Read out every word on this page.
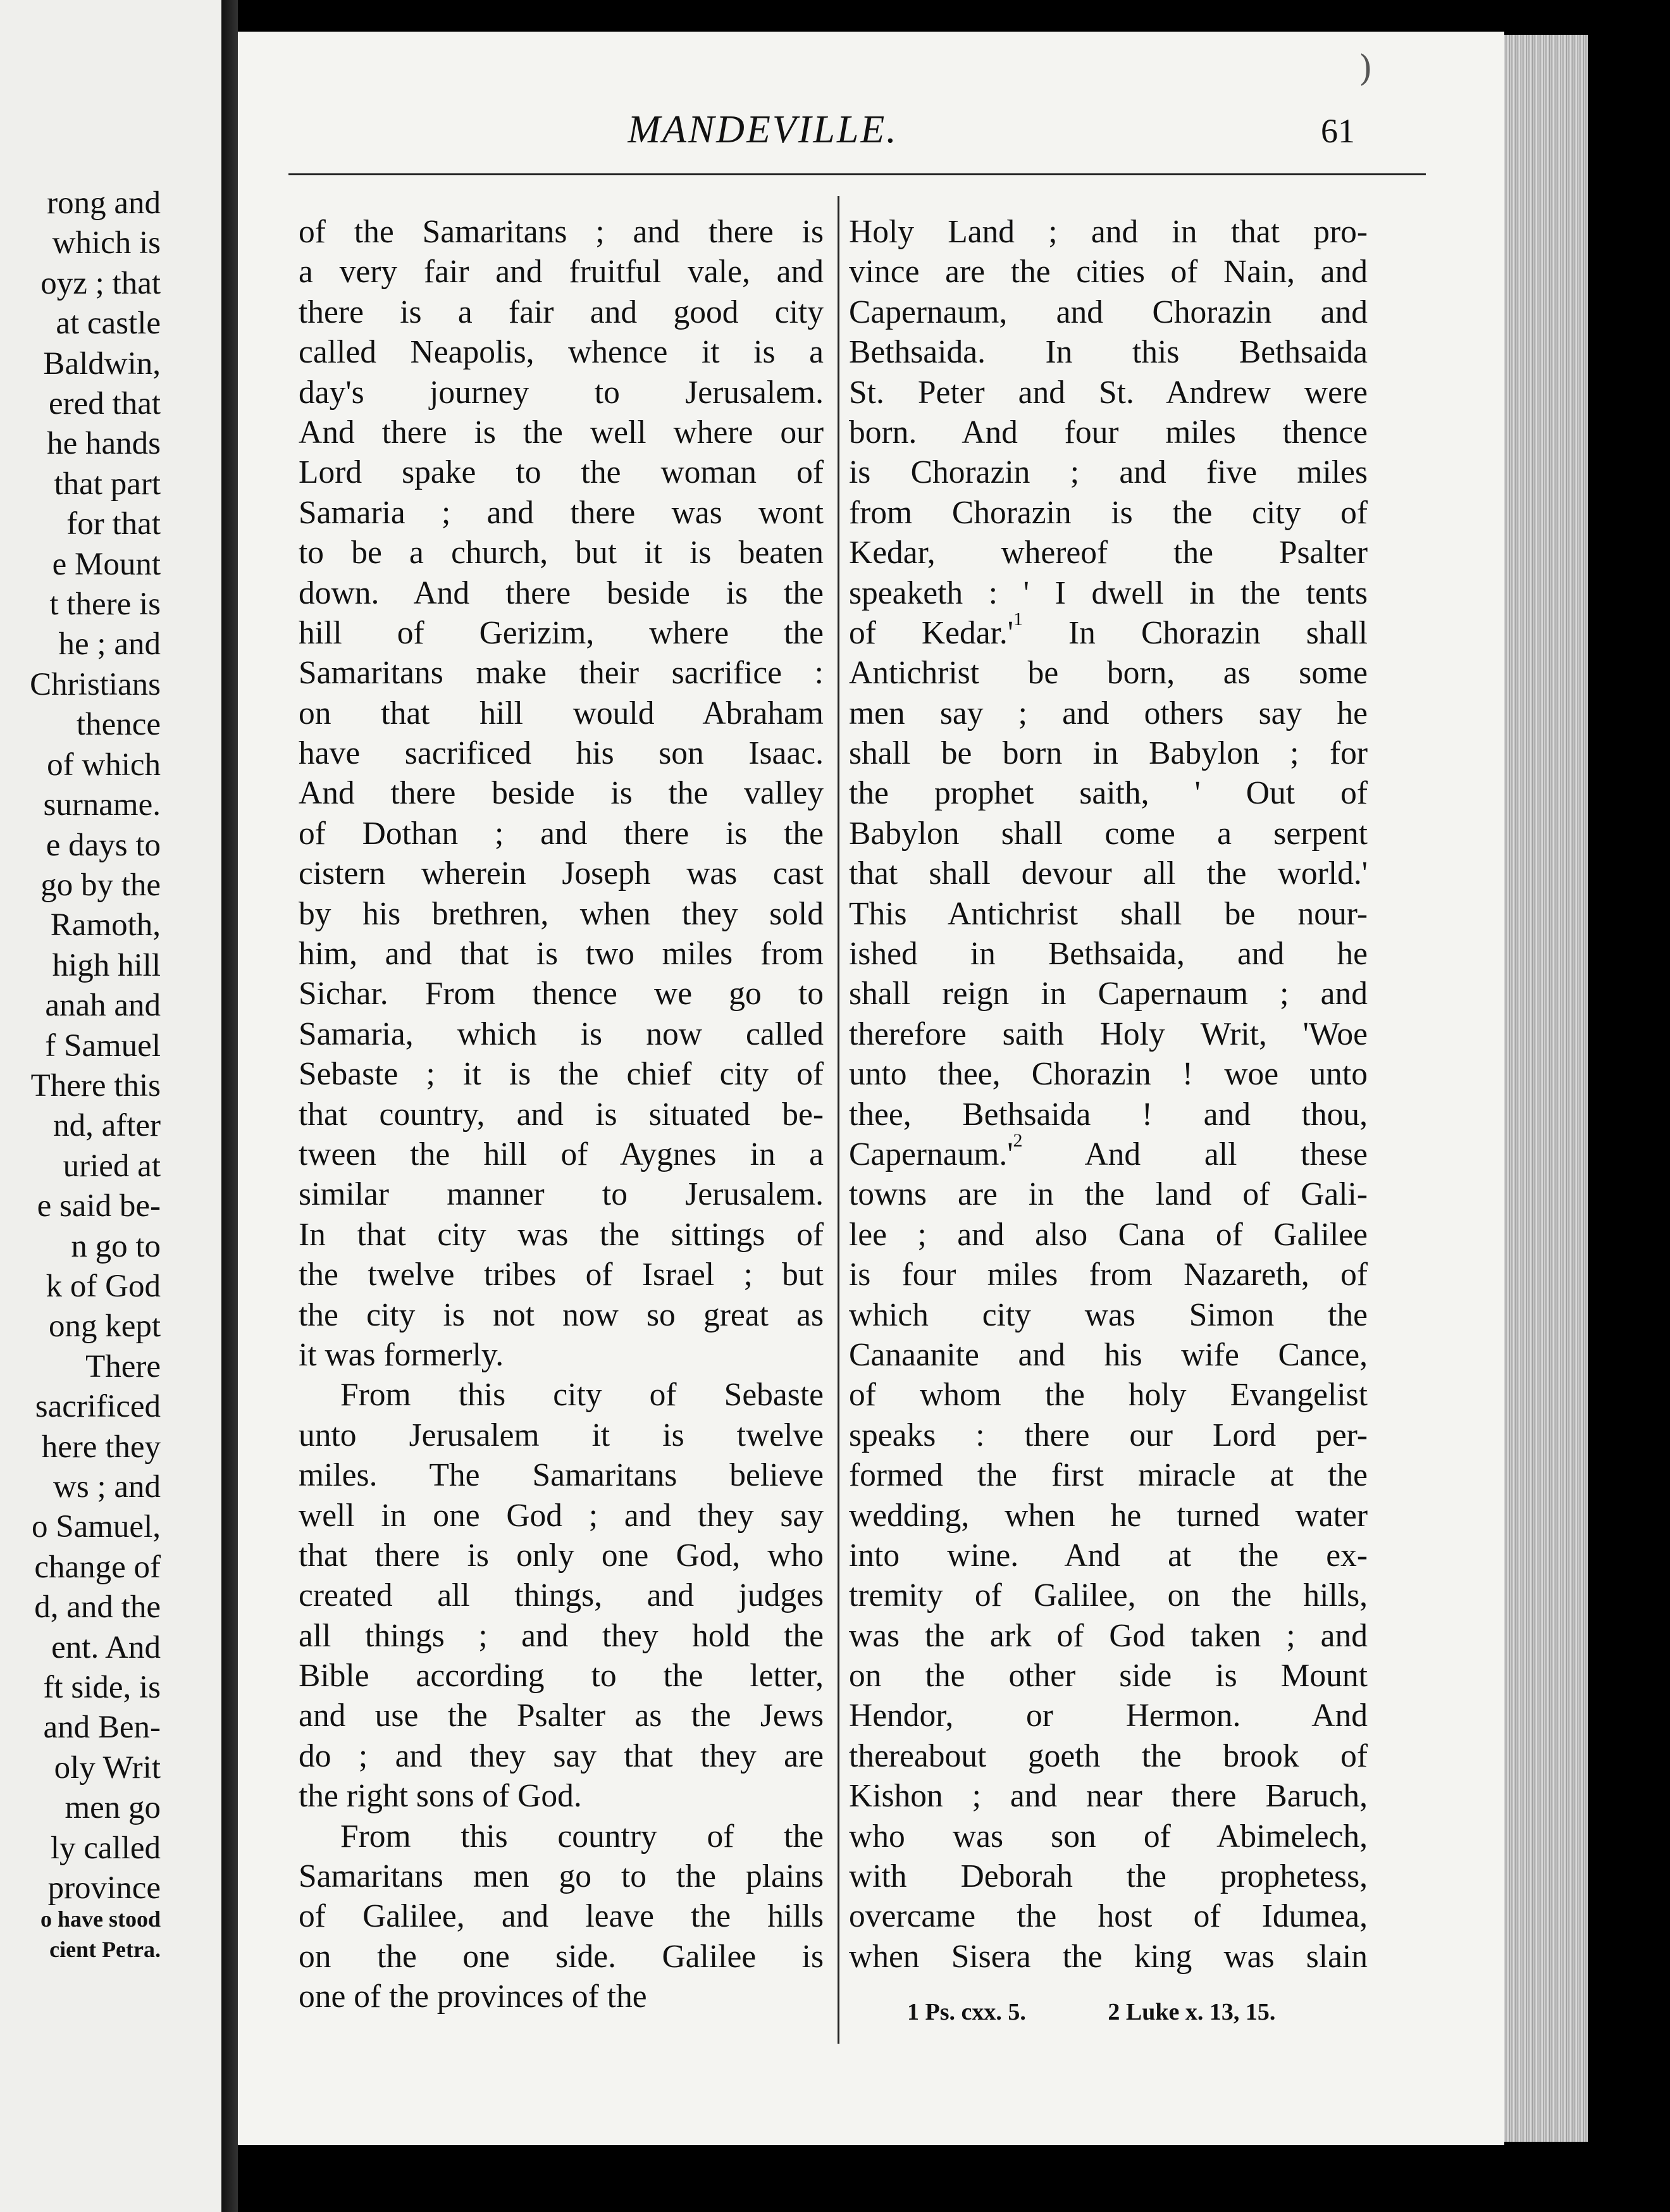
rong and
which is
oyz ; that
at castle
Baldwin,
ered that
he hands
that part
for that
e Mount
t there is
he ; and
Christians
thence
of which
surname.
e days to
go by the
Ramoth,
high hill
anah and
f Samuel
There this
nd, after
uried at
e said be-
n go to
k of God
ong kept
There
sacrificed
here they
ws ; and
o Samuel,
change of
d, and the
ent. And
ft side, is
and Ben-
oly Writ
men go
ly called
province
o have stood
cient Petra.
)
MANDEVILLE.	61
of the Samaritans ; and there is
a very fair and fruitful vale, and
there is a fair and good city
called Neapolis, whence it is a
day's journey to Jerusalem.
And there is the well where our
Lord spake to the woman of
Samaria ; and there was wont
to be a church, but it is beaten
down. And there beside is the
hill of Gerizim, where the
Samaritans make their sacrifice :
on that hill would Abraham
have sacrificed his son Isaac.
And there beside is the valley
of Dothan ; and there is the
cistern wherein Joseph was cast
by his brethren, when they sold
him, and that is two miles from
Sichar. From thence we go to
Samaria, which is now called
Sebaste ; it is the chief city of
that country, and is situated be-
tween the hill of Aygnes in a
similar manner to Jerusalem.
In that city was the sittings of
the twelve tribes of Israel ; but
the city is not now so great as
it was formerly.
From this city of Sebaste
unto Jerusalem it is twelve
miles. The Samaritans believe
well in one God ; and they say
that there is only one God, who
created all things, and judges
all things ; and they hold the
Bible according to the letter,
and use the Psalter as the Jews
do ; and they say that they are
the right sons of God.
From this country of the
Samaritans men go to the plains
of Galilee, and leave the hills
on the one side. Galilee is
one of the provinces of the
Holy Land ; and in that pro-
vince are the cities of Nain, and
Capernaum, and Chorazin and
Bethsaida. In this Bethsaida
St. Peter and St. Andrew were
born. And four miles thence
is Chorazin ; and five miles
from Chorazin is the city of
Kedar, whereof the Psalter
speaketh : ' I dwell in the tents
of $Kedar.'^1$ In Chorazin shall
Antichrist be born, as some
men say ; and others say he
shall be born in Babylon ; for
the prophet saith, ' Out of
Babylon shall come a serpent
that shall devour all the world.'
This Antichrist shall be nour-
ished in Bethsaida, and he
shall reign in Capernaum ; and
therefore saith Holy Writ, 'Woe
unto thee, Chorazin ! woe unto
thee, Bethsaida ! and thou,
$Capernaum.'^2$ And all these
towns are in the land of Gali-
lee ; and also Cana of Galilee
is four miles from Nazareth, of
which city was Simon the
Canaanite and his wife Cance,
of whom the holy Evangelist
speaks : there our Lord per-
formed the first miracle at the
wedding, when he turned water
into wine. And at the ex-
tremity of Galilee, on the hills,
was the ark of God taken ; and
on the other side is Mount
Hendor, or Hermon. And
thereabout goeth the brook of
Kishon ; and near there Baruch,
who was son of Abimelech,
with Deborah the prophetess,
overcame the host of Idumea,
when Sisera the king was slain
1 Ps. cxx. 5.	2 Luke x. 13, 15.
